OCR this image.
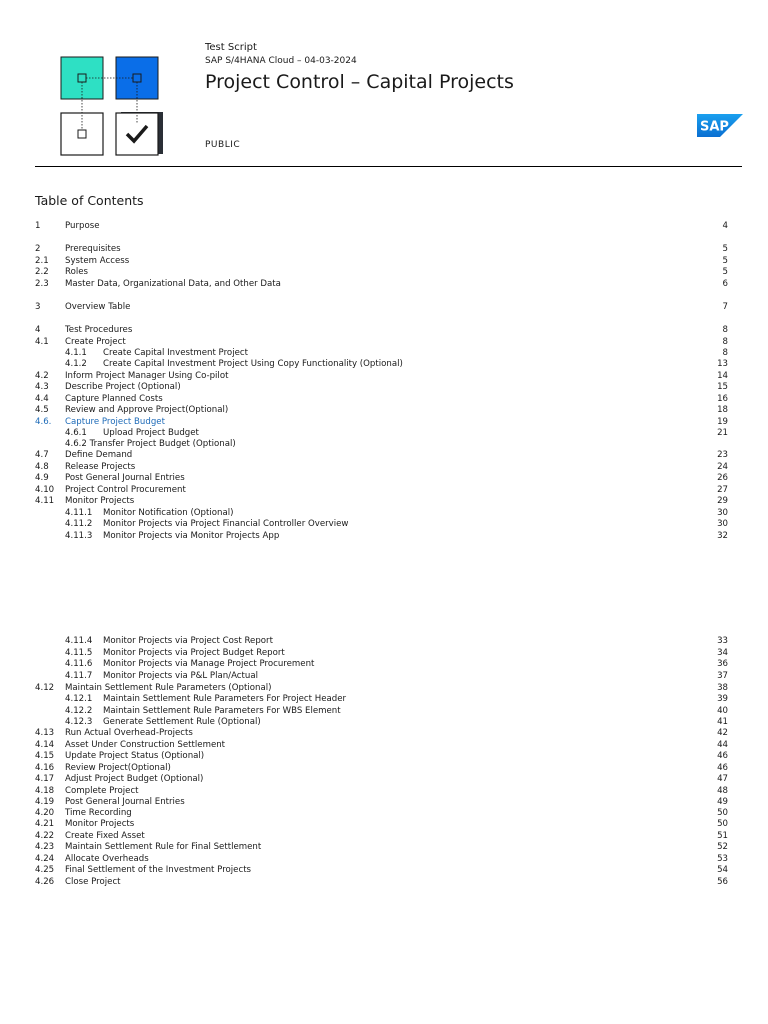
Test Script
SAP S/4HANA Cloud – 04-03-2024
Project Control – Capital Projects
PUBLIC
SAP
Table of Contents
1	Purpose	4
2	Prerequisites	5
2.1 System Access	5
2.2 Roles	5
2.3 Master Data, Organizational Data, and Other Data	6
3	Overview Table	7
4	Test Procedures	8
4.1 Create Project	8
4.1.1 Create Capital Investment Project	8
4.1.2 Create Capital Investment Project Using Copy Functionality (Optional)	13
4.2 Inform Project Manager Using Co-pilot	14
4.3 Describe Project (Optional)	15
4.4 Capture Planned Costs	16
4.5 Review and Approve Project(Optional)	18
4.6. Capture Project Budget	19
4.6.1 Upload Project Budget	21
4.6.2 Transfer Project Budget (Optional)
4.7 Define Demand	23
4.8 Release Projects	24
4.9 Post General Journal Entries	26
4.10 Project Control Procurement	27
4.11 Monitor Projects	29
4.11.1 Monitor Notification (Optional)	30
4.11.2 Monitor Projects via Project Financial Controller Overview	30
4.11.3 Monitor Projects via Monitor Projects App	32
4.11.4 Monitor Projects via Project Cost Report	33
4.11.5 Monitor Projects via Project Budget Report	34
4.11.6 Monitor Projects via Manage Project Procurement	36
4.11.7 Monitor Projects via P&L Plan/Actual	37
4.12 Maintain Settlement Rule Parameters (Optional)	38
4.12.1 Maintain Settlement Rule Parameters For Project Header	39
4.12.2 Maintain Settlement Rule Parameters For WBS Element	40
4.12.3 Generate Settlement Rule (Optional)	41
4.13 Run Actual Overhead-Projects	42
4.14 Asset Under Construction Settlement	44
4.15 Update Project Status (Optional)	46
4.16 Review Project(Optional)	46
4.17 Adjust Project Budget (Optional)	47
4.18 Complete Project	48
4.19 Post General Journal Entries	49
4.20 Time Recording	50
4.21 Monitor Projects	50
4.22 Create Fixed Asset	51
4.23 Maintain Settlement Rule for Final Settlement	52
4.24 Allocate Overheads	53
4.25 Final Settlement of the Investment Projects	54
4.26 Close Project	56
